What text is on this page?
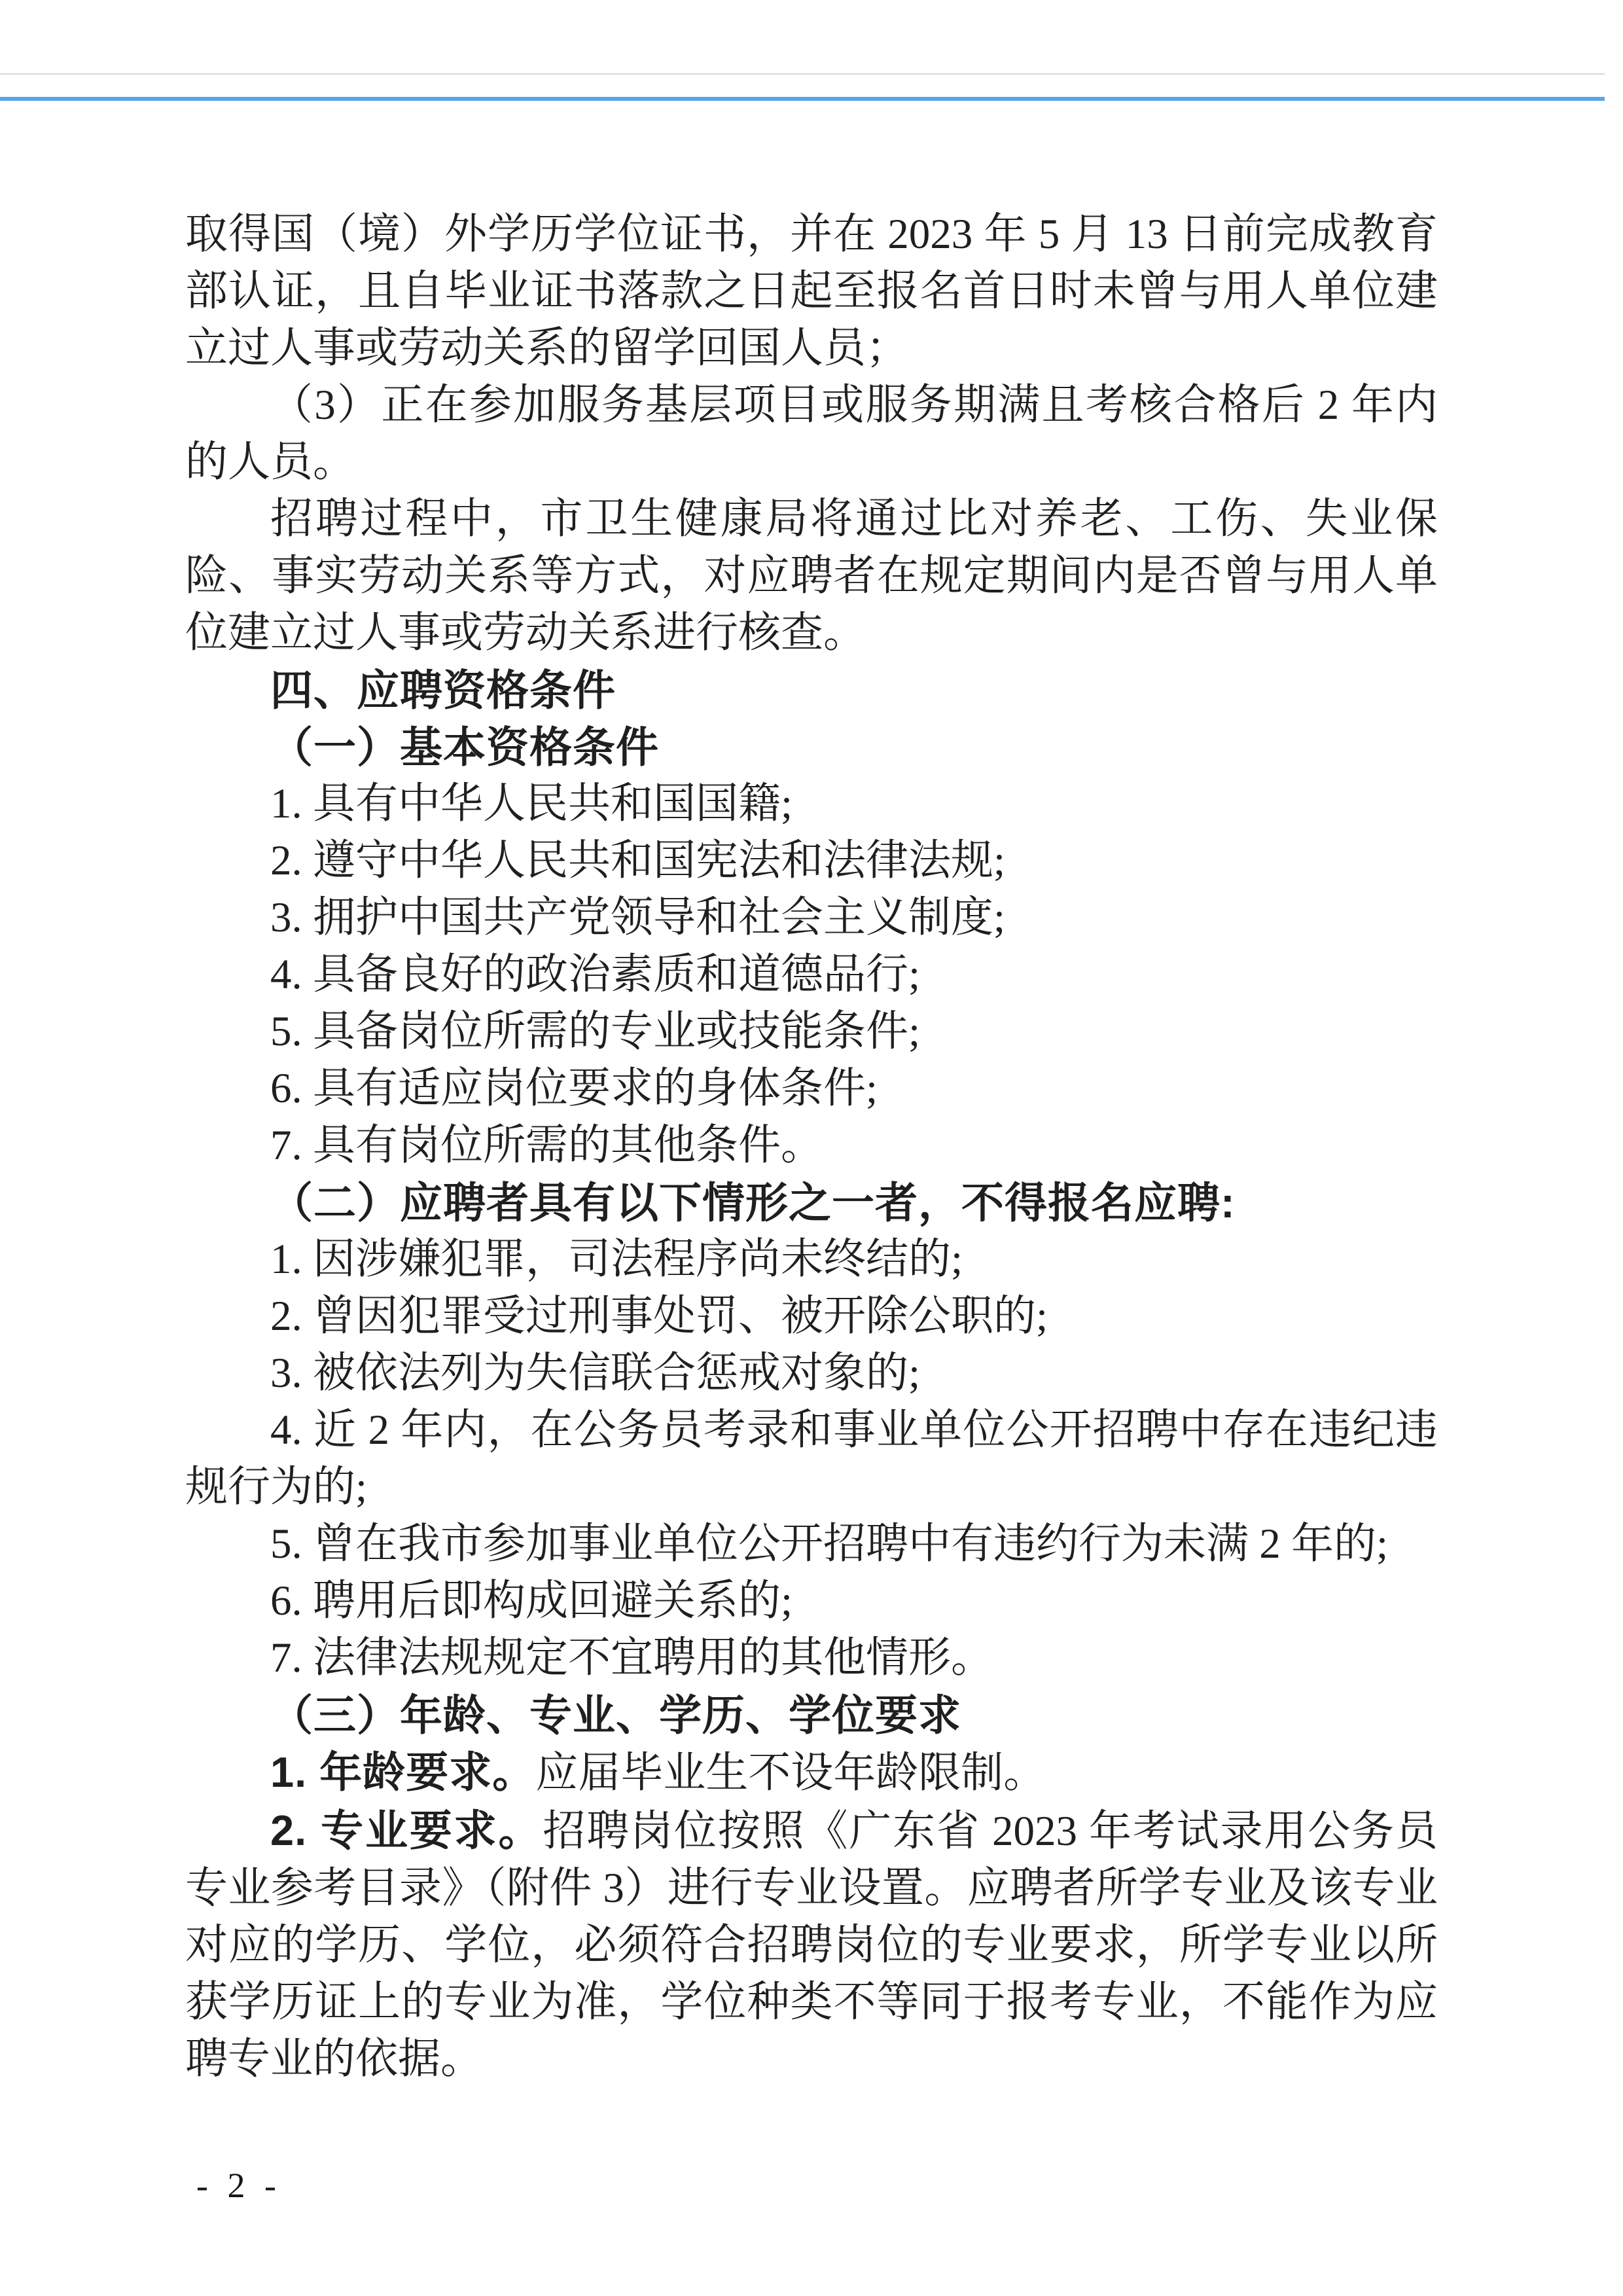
取得国（境）外学历学位证书，并在 2023 年 5 月 13 日前完成教育部认证，且自毕业证书落款之日起至报名首日时未曾与用人单位建立过人事或劳动关系的留学回国人员；

（3）正在参加服务基层项目或服务期满且考核合格后 2 年内的人员。

招聘过程中，市卫生健康局将通过比对养老、工伤、失业保险、事实劳动关系等方式，对应聘者在规定期间内是否曾与用人单位建立过人事或劳动关系进行核查。

四、应聘资格条件

（一）基本资格条件

1. 具有中华人民共和国国籍;

2. 遵守中华人民共和国宪法和法律法规;

3. 拥护中国共产党领导和社会主义制度;

4. 具备良好的政治素质和道德品行;

5. 具备岗位所需的专业或技能条件;

6. 具有适应岗位要求的身体条件;

7. 具有岗位所需的其他条件。

（二）应聘者具有以下情形之一者，不得报名应聘:

1. 因涉嫌犯罪，司法程序尚未终结的;

2. 曾因犯罪受过刑事处罚、被开除公职的;

3. 被依法列为失信联合惩戒对象的;

4. 近 2 年内，在公务员考录和事业单位公开招聘中存在违纪违规行为的;

5. 曾在我市参加事业单位公开招聘中有违约行为未满 2 年的;

6. 聘用后即构成回避关系的;

7. 法律法规规定不宜聘用的其他情形。

（三）年龄、专业、学历、学位要求

1. 年龄要求。应届毕业生不设年龄限制。

2. 专业要求。招聘岗位按照《广东省 2023 年考试录用公务员专业参考目录》（附件 3）进行专业设置。应聘者所学专业及该专业对应的学历、学位，必须符合招聘岗位的专业要求，所学专业以所获学历证上的专业为准，学位种类不等同于报考专业，不能作为应聘专业的依据。

- 2 -
